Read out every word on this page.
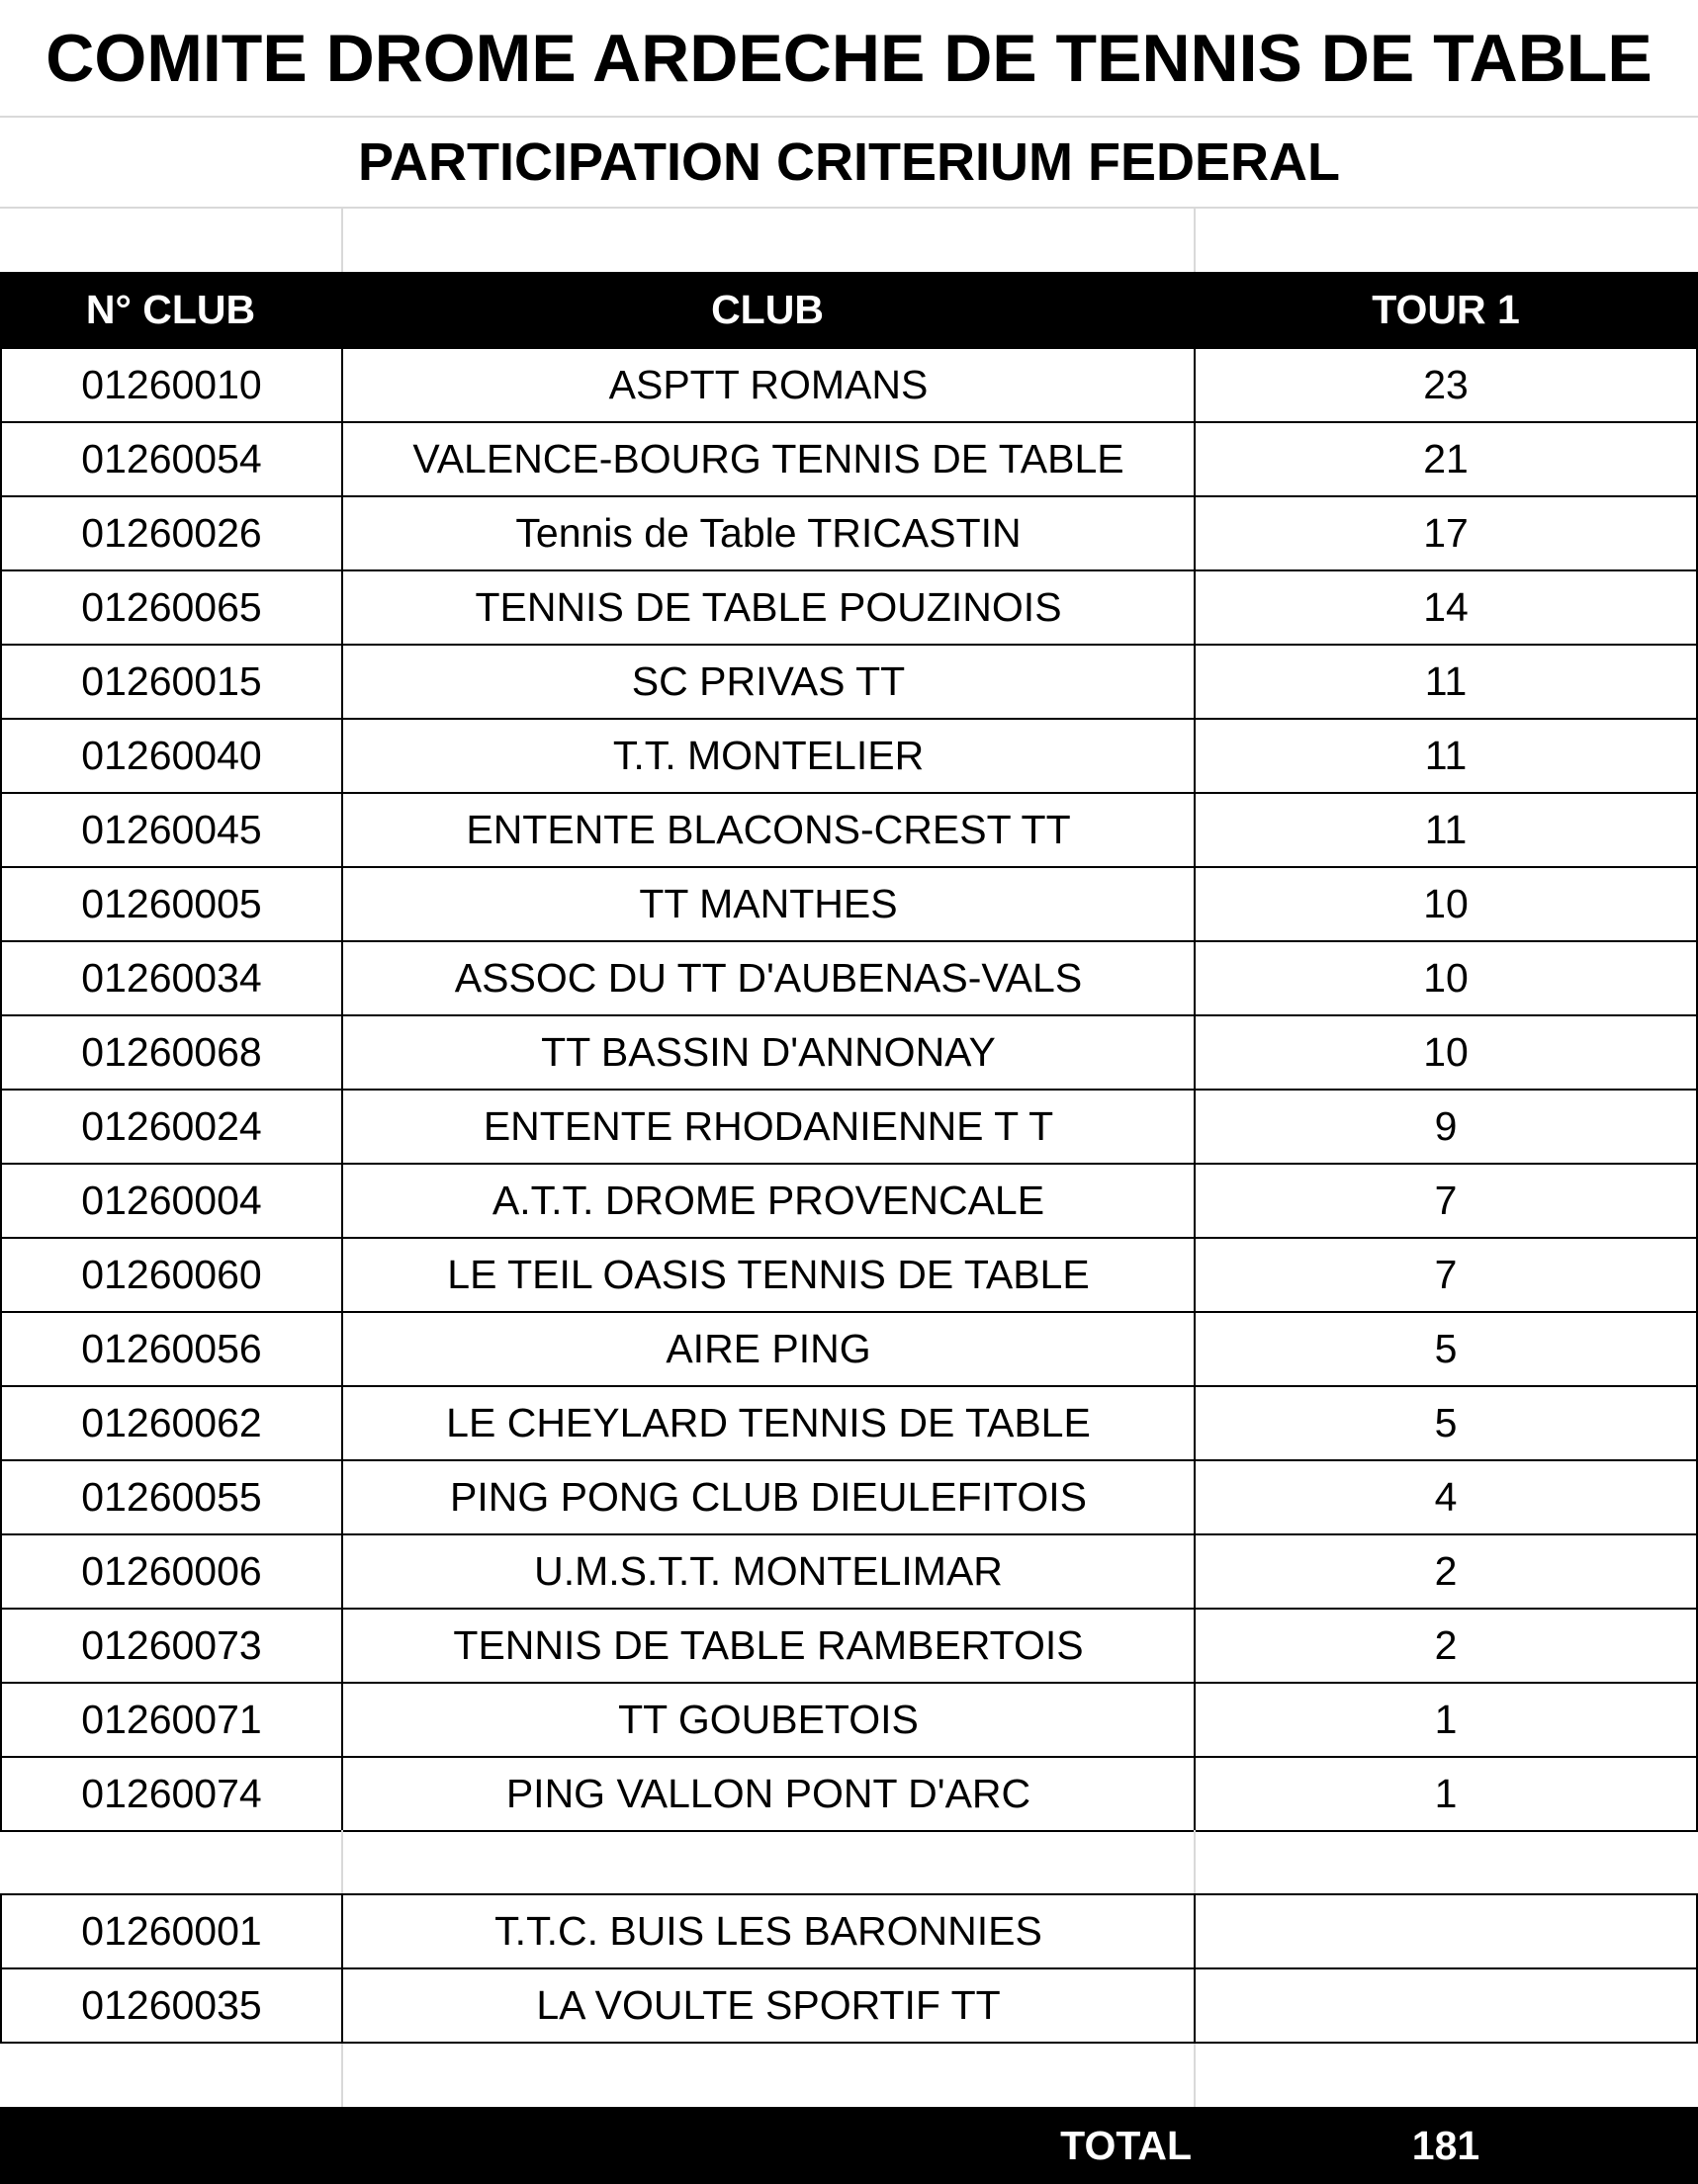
COMITE DROME ARDECHE DE TENNIS DE TABLE
PARTICIPATION CRITERIUM FEDERAL
N° CLUB	CLUB	TOUR 1
01260010	ASPTT ROMANS	23
01260054	VALENCE-BOURG TENNIS DE TABLE	21
01260026	Tennis de Table TRICASTIN	17
01260065	TENNIS DE TABLE POUZINOIS	14
01260015	SC PRIVAS TT	11
01260040	T.T. MONTELIER	11
01260045	ENTENTE BLACONS-CREST TT	11
01260005	TT MANTHES	10
01260034	ASSOC DU TT D'AUBENAS-VALS	10
01260068	TT BASSIN D'ANNONAY	10
01260024	ENTENTE RHODANIENNE T T	9
01260004	A.T.T. DROME PROVENCALE	7
01260060	LE TEIL OASIS TENNIS DE TABLE	7
01260056	AIRE PING	5
01260062	LE CHEYLARD TENNIS DE TABLE	5
01260055	PING PONG CLUB DIEULEFITOIS	4
01260006	U.M.S.T.T. MONTELIMAR	2
01260073	TENNIS DE TABLE RAMBERTOIS	2
01260071	TT GOUBETOIS	1
01260074	PING VALLON PONT D'ARC	1
01260001	T.T.C. BUIS LES BARONNIES	
01260035	LA VOULTE SPORTIF TT	
TOTAL	181
